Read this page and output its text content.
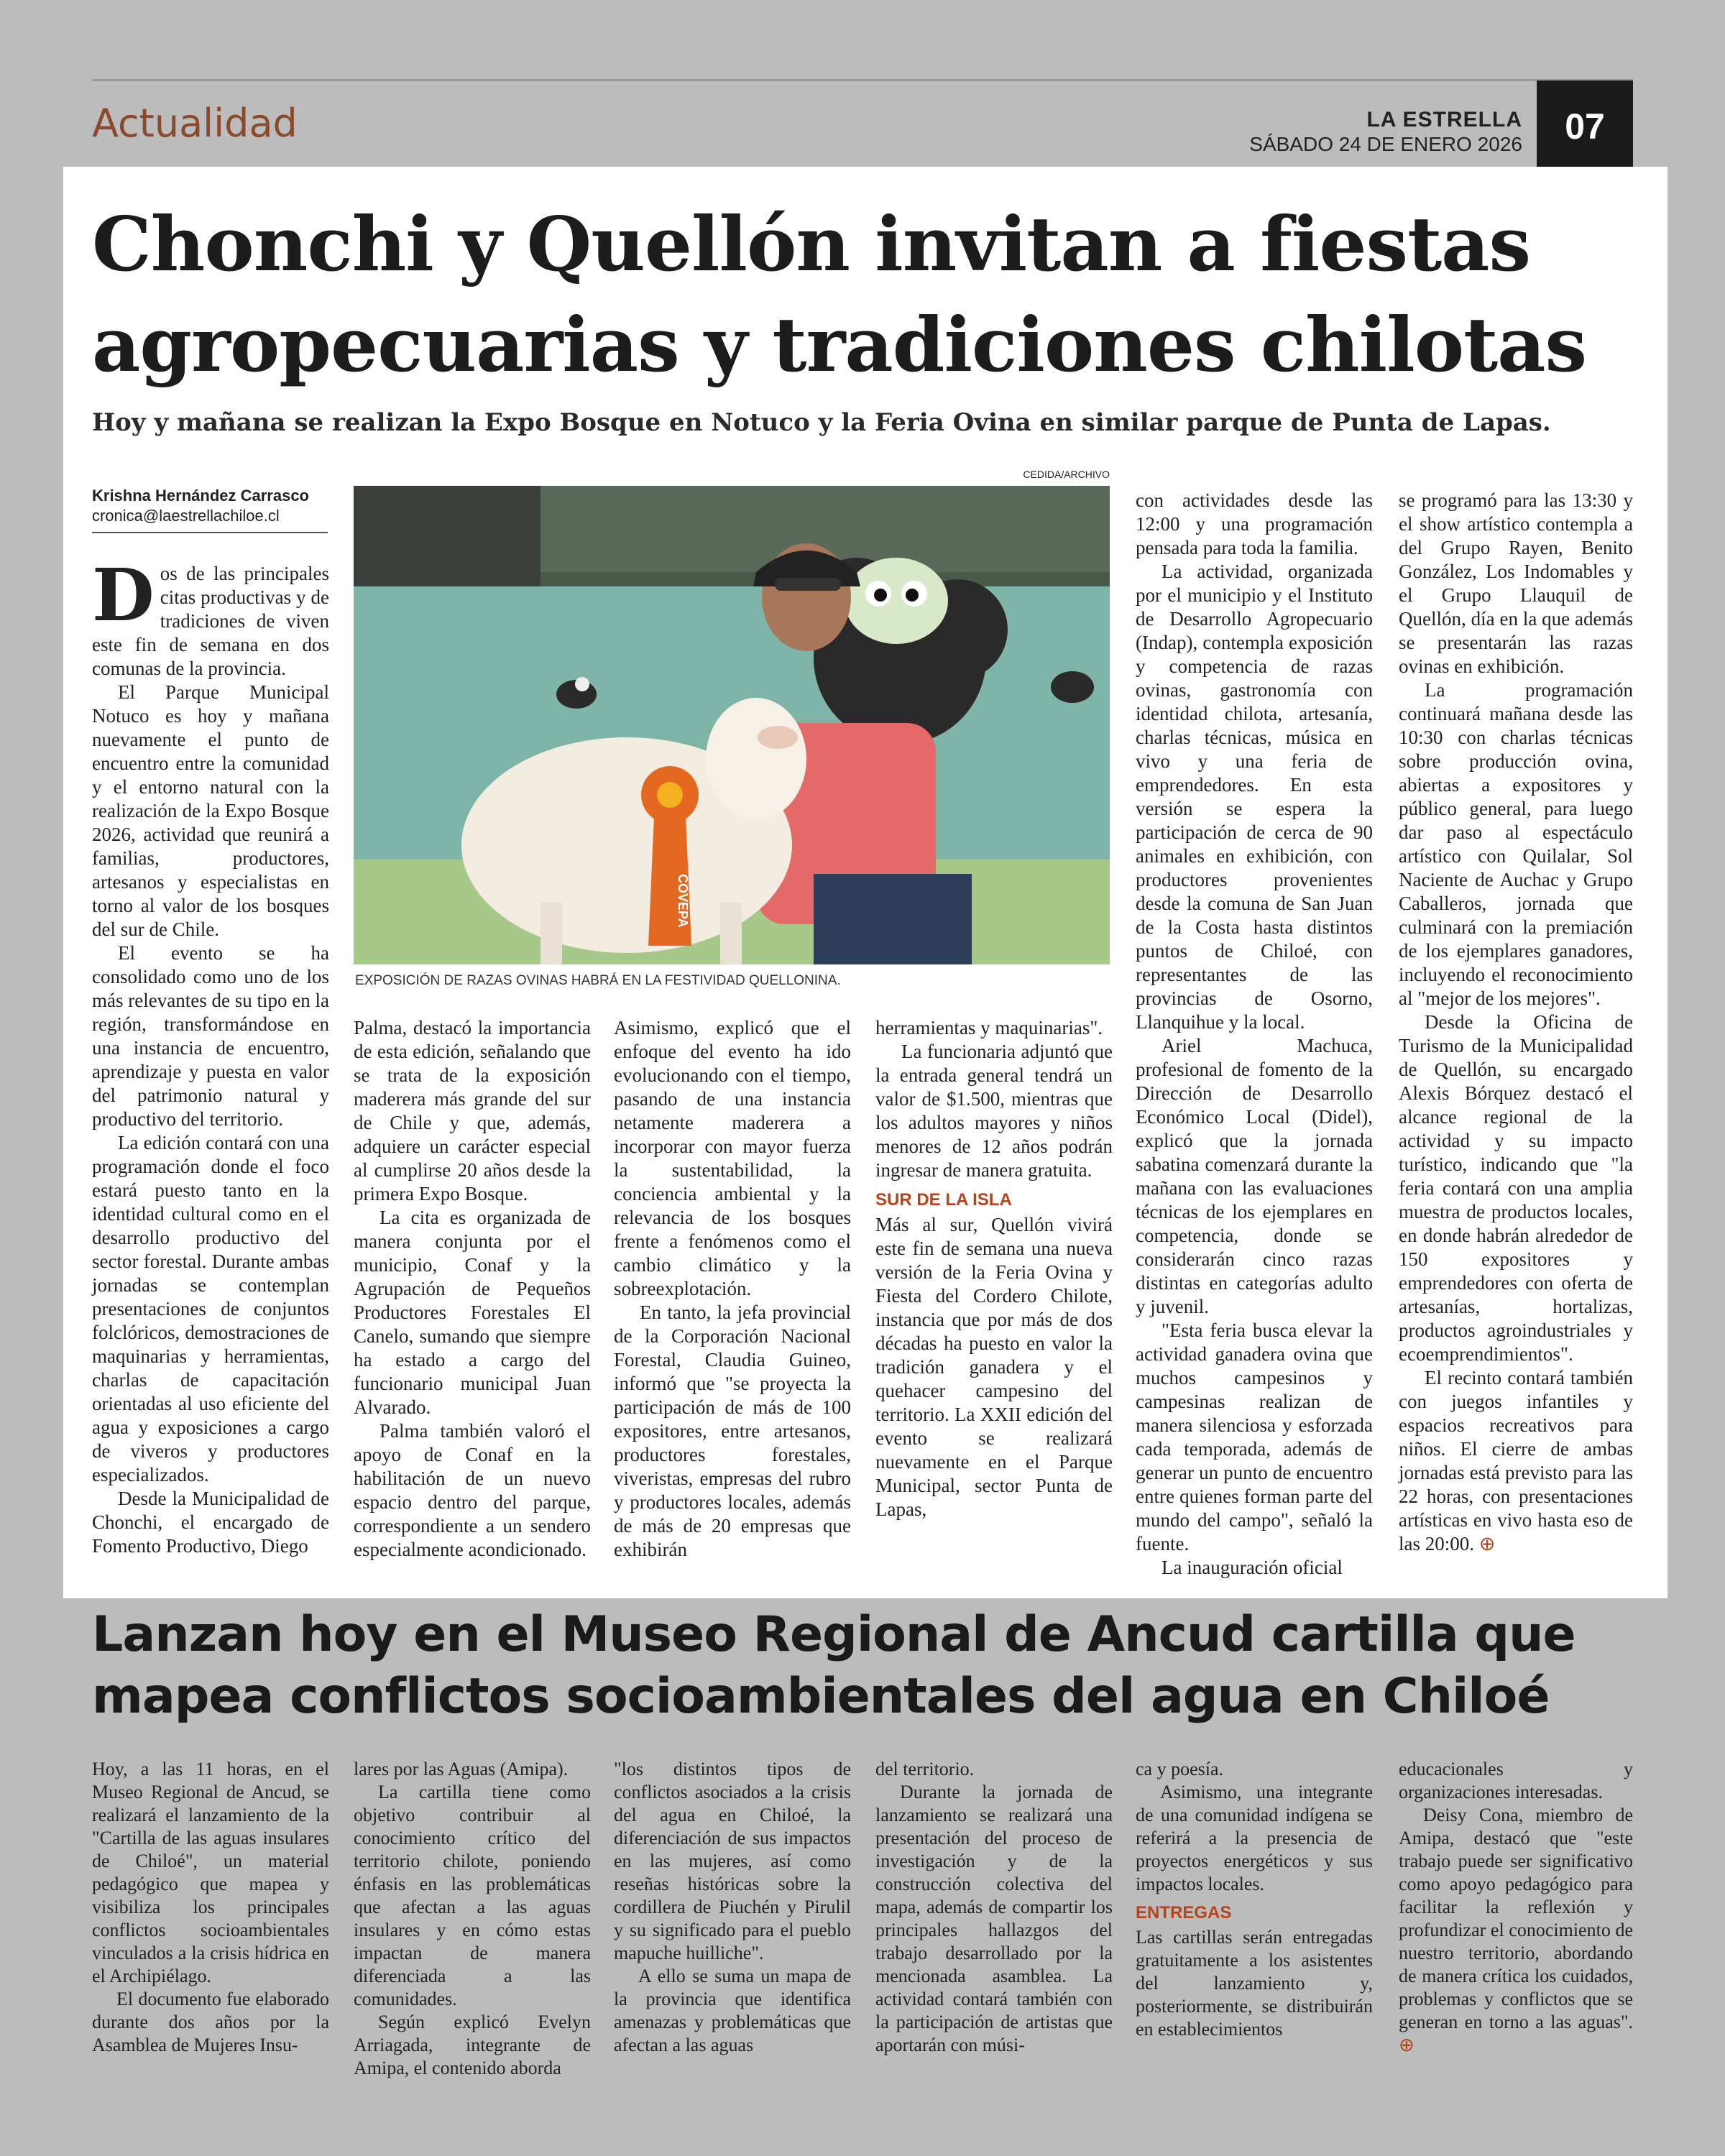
Actualidad	LA ESTRELLA
SÁBADO 24 DE ENERO 2026	07
Chonchi y Quellón invitan a fiestas
agropecuarias y tradiciones chilotas
Hoy y mañana se realizan la Expo Bosque en Notuco y la Feria Ovina en similar parque de Punta de Lapas.
Krishna Hernández Carrasco
cronica@laestrellachiloe.cl
CEDIDA/ARCHIVO
COVEPA
EXPOSICIÓN DE RAZAS OVINAS HABRÁ EN LA FESTIVIDAD QUELLONINA.

Dos de las principales citas productivas y de tradiciones de viven este fin de semana en dos comunas de la provincia.

El Parque Municipal Notuco es hoy y mañana nuevamente el punto de encuentro entre la comunidad y el entorno natural con la realización de la Expo Bosque 2026, actividad que reunirá a familias, productores, artesanos y especialistas en torno al valor de los bosques del sur de Chile.

El evento se ha consolidado como uno de los más relevantes de su tipo en la región, transformándose en una instancia de encuentro, aprendizaje y puesta en valor del patrimonio natural y productivo del territorio.

La edición contará con una programación donde el foco estará puesto tanto en la identidad cultural como en el desarrollo productivo del sector forestal. Durante ambas jornadas se contemplan presentaciones de conjuntos folclóricos, demostraciones de maquinarias y herramientas, charlas de capacitación orientadas al uso eficiente del agua y exposiciones a cargo de viveros y productores especializados.

Desde la Municipalidad de Chonchi, el encargado de Fomento Productivo, Diego

Palma, destacó la importancia de esta edición, señalando que se trata de la exposición maderera más grande del sur de Chile y que, además, adquiere un carácter especial al cumplirse 20 años desde la primera Expo Bosque.

La cita es organizada de manera conjunta por el municipio, Conaf y la Agrupación de Pequeños Productores Forestales El Canelo, sumando que siempre ha estado a cargo del funcionario municipal Juan Alvarado.

Palma también valoró el apoyo de Conaf en la habilitación de un nuevo espacio dentro del parque, correspondiente a un sendero especialmente acondicionado.

Asimismo, explicó que el enfoque del evento ha ido evolucionando con el tiempo, pasando de una instancia netamente maderera a incorporar con mayor fuerza la sustentabilidad, la conciencia ambiental y la relevancia de los bosques frente a fenómenos como el cambio climático y la sobreexplotación.

En tanto, la jefa provincial de la Corporación Nacional Forestal, Claudia Guineo, informó que "se proyecta la participación de más de 100 expositores, entre artesanos, productores forestales, viveristas, empresas del rubro y productores locales, además de más de 20 empresas que exhibirán

herramientas y maquinarias".

La funcionaria adjuntó que la entrada general tendrá un valor de $1.500, mientras que los adultos mayores y niños menores de 12 años podrán ingresar de manera gratuita.

SUR DE LA ISLA

Más al sur, Quellón vivirá este fin de semana una nueva versión de la Feria Ovina y Fiesta del Cordero Chilote, instancia que por más de dos décadas ha puesto en valor la tradición ganadera y el quehacer campesino del territorio. La XXII edición del evento se realizará nuevamente en el Parque Municipal, sector Punta de Lapas,

con actividades desde las 12:00 y una programación pensada para toda la familia.

La actividad, organizada por el municipio y el Instituto de Desarrollo Agropecuario (Indap), contempla exposición y competencia de razas ovinas, gastronomía con identidad chilota, artesanía, charlas técnicas, música en vivo y una feria de emprendedores. En esta versión se espera la participación de cerca de 90 animales en exhibición, con productores provenientes desde la comuna de San Juan de la Costa hasta distintos puntos de Chiloé, con representantes de las provincias de Osorno, Llanquihue y la local.

Ariel Machuca, profesional de fomento de la Dirección de Desarrollo Económico Local (Didel), explicó que la jornada sabatina comenzará durante la mañana con las evaluaciones técnicas de los ejemplares en competencia, donde se considerarán cinco razas distintas en categorías adulto y juvenil.

"Esta feria busca elevar la actividad ganadera ovina que muchos campesinos y campesinas realizan de manera silenciosa y esforzada cada temporada, además de generar un punto de encuentro entre quienes forman parte del mundo del campo", señaló la fuente.

La inauguración oficial

se programó para las 13:30 y el show artístico contempla a del Grupo Rayen, Benito González, Los Indomables y el Grupo Llauquil de Quellón, día en la que además se presentarán las razas ovinas en exhibición.

La programación continuará mañana desde las 10:30 con charlas técnicas sobre producción ovina, abiertas a expositores y público general, para luego dar paso al espectáculo artístico con Quilalar, Sol Naciente de Auchac y Grupo Caballeros, jornada que culminará con la premiación de los ejemplares ganadores, incluyendo el reconocimiento al "mejor de los mejores".

Desde la Oficina de Turismo de la Municipalidad de Quellón, su encargado Alexis Bórquez destacó el alcance regional de la actividad y su impacto turístico, indicando que "la feria contará con una amplia muestra de productos locales, en donde habrán alrededor de 150 expositores y emprendedores con oferta de artesanías, hortalizas, productos agroindustriales y ecoemprendimientos".

El recinto contará también con juegos infantiles y espacios recreativos para niños. El cierre de ambas jornadas está previsto para las 22 horas, con presentaciones artísticas en vivo hasta eso de las 20:00. ⊕

Lanzan hoy en el Museo Regional de Ancud cartilla que
mapea conflictos socioambientales del agua en Chiloé

Hoy, a las 11 horas, en el Museo Regional de Ancud, se realizará el lanzamiento de la "Cartilla de las aguas insulares de Chiloé", un material pedagógico que mapea y visibiliza los principales conflictos socioambientales vinculados a la crisis hídrica en el Archipiélago.

El documento fue elaborado durante dos años por la Asamblea de Mujeres Insu-

lares por las Aguas (Amipa).

La cartilla tiene como objetivo contribuir al conocimiento crítico del territorio chilote, poniendo énfasis en las problemáticas que afectan a las aguas insulares y en cómo estas impactan de manera diferenciada a las comunidades.

Según explicó Evelyn Arriagada, integrante de Amipa, el contenido aborda

"los distintos tipos de conflictos asociados a la crisis del agua en Chiloé, la diferenciación de sus impactos en las mujeres, así como reseñas históricas sobre la cordillera de Piuchén y Pirulil y su significado para el pueblo mapuche huilliche".

A ello se suma un mapa de la provincia que identifica amenazas y problemáticas que afectan a las aguas

del territorio.

Durante la jornada de lanzamiento se realizará una presentación del proceso de investigación y de la construcción colectiva del mapa, además de compartir los principales hallazgos del trabajo desarrollado por la mencionada asamblea. La actividad contará también con la participación de artistas que aportarán con músi-

ca y poesía.

Asimismo, una integrante de una comunidad indígena se referirá a la presencia de proyectos energéticos y sus impactos locales.

ENTREGAS

Las cartillas serán entregadas gratuitamente a los asistentes del lanzamiento y, posteriormente, se distribuirán en establecimientos

educacionales y organizaciones interesadas.

Deisy Cona, miembro de Amipa, destacó que "este trabajo puede ser significativo como apoyo pedagógico para facilitar la reflexión y profundizar el conocimiento de nuestro territorio, abordando de manera crítica los cuidados, problemas y conflictos que se generan en torno a las aguas". ⊕
